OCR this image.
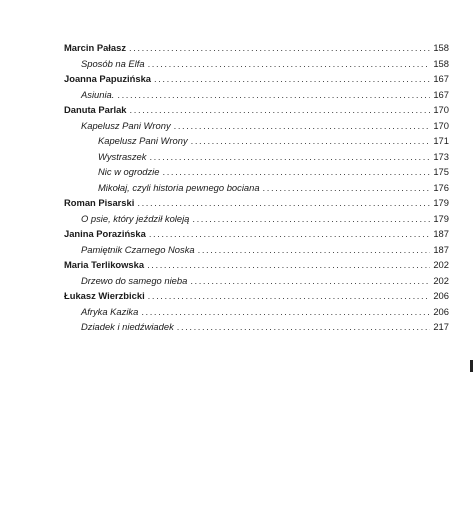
Marcin Pałasz .....	158
Sposób na Elfa .....	158
Joanna Papuzińska .....	167
Asiunia. .....	167
Danuta Parlak .....	170
Kapelusz Pani Wrony .....	170
Kapelusz Pani Wrony .....	171
Wystraszek .....	173
Nic w ogrodzie .....	175
Mikołaj, czyli historia pewnego bociana .....	176
Roman Pisarski .....	179
O psie, który jeździł koleją .....	179
Janina Porazińska .....	187
Pamiętnik Czarnego Noska .....	187
Maria Terlikowska .....	202
Drzewo do samego nieba .....	202
Łukasz Wierzbicki .....	206
Afryka Kazika .....	206
Dziadek i niedźwiadek .....	217
